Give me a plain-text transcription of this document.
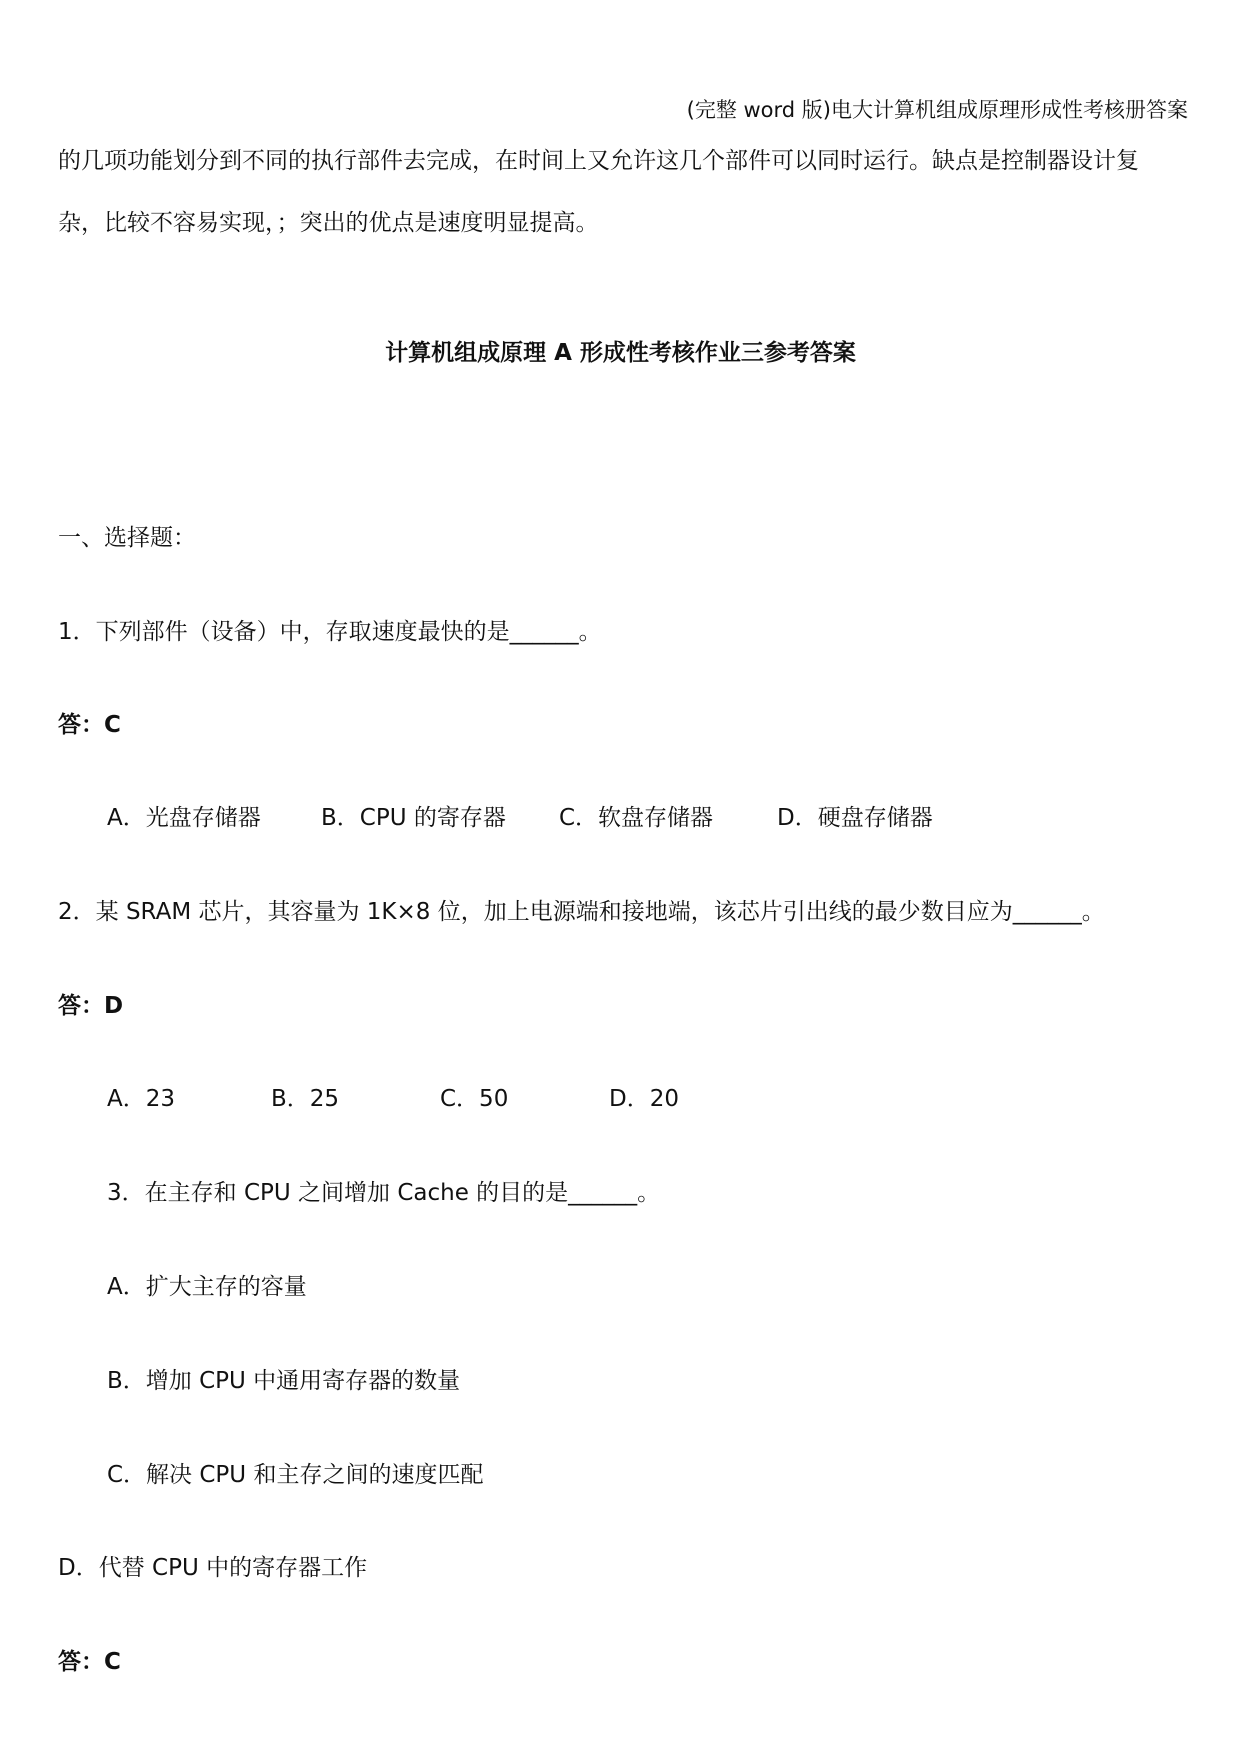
(完整 word 版)电大计算机组成原理形成性考核册答案
的几项功能划分到不同的执行部件去完成，在时间上又允许这几个部件可以同时运行。缺点是控制器设计复
杂，比较不容易实现，；突出的优点是速度明显提高。
计算机组成原理 A 形成性考核作业三参考答案
一、选择题：
1．下列部件（设备）中，存取速度最快的是______。
答：C
A．光盘存储器	B．CPU 的寄存器 C．软盘存储器	D．硬盘存储器
2．某 SRAM 芯片，其容量为 1K×8 位，加上电源端和接地端，该芯片引出线的最少数目应为______。
答：D
A．23	B．25	C．50	D．20
3．在主存和 CPU 之间增加 Cache 的目的是______。
A．扩大主存的容量
B．增加 CPU 中通用寄存器的数量
C．解决 CPU 和主存之间的速度匹配
D．代替 CPU 中的寄存器工作
答：C
